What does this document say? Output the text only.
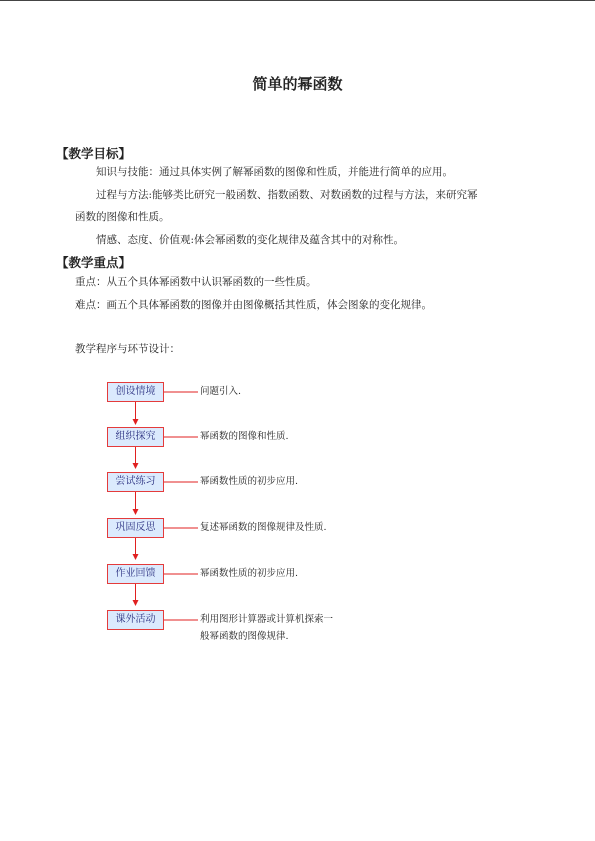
简单的幂函数
【教学目标】
知识与技能：通过具体实例了解幂函数的图像和性质，并能进行简单的应用。
过程与方法:能够类比研究一般函数、指数函数、对数函数的过程与方法，来研究幂
函数的图像和性质。
情感、态度、价值观:体会幂函数的变化规律及蕴含其中的对称性。
【教学重点】
重点：从五个具体幂函数中认识幂函数的一些性质。
难点：画五个具体幂函数的图像并由图像概括其性质，体会图象的变化规律。
教学程序与环节设计：
创设情境	问题引入.
组织探究	幂函数的图像和性质.
尝试练习	幂函数性质的初步应用.
巩固反思	复述幂函数的图像规律及性质.
作业回馈	幂函数性质的初步应用.
课外活动	利用图形计算器或计算机探索一
般幂函数的图像规律.
